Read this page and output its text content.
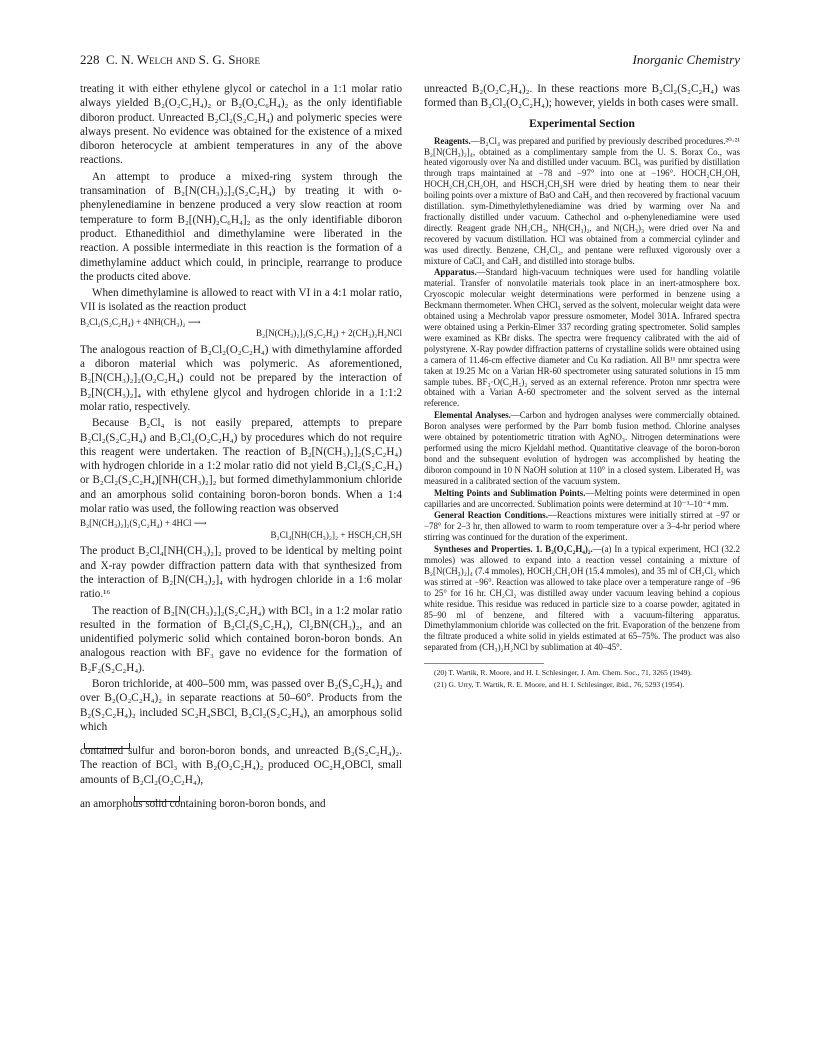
228 C. N. Welch and S. G. Shore	Inorganic Chemistry

treating it with either ethylene glycol or catechol in a 1:1 molar ratio always yielded B₂(O₂C₂H₄)₂ or B₂(O₂C₆H₄)₂ as the only identifiable diboron product. Unreacted B₂Cl₂(S₂C₂H₄) and polymeric species were always present. No evidence was obtained for the existence of a mixed diboron heterocycle at ambient temperatures in any of the above reactions.

An attempt to produce a mixed-ring system through the transamination of B₂[N(CH₃)₂]₂(S₂C₂H₄) by treating it with o-phenylenediamine in benzene produced a very slow reaction at room temperature to form B₂[(NH)₂C₆H₄]₂ as the only identifiable diboron product. Ethanedithiol and dimethylamine were liberated in the reaction. A possible intermediate in this reaction is the formation of a dimethylamine adduct which could, in principle, rearrange to produce the products cited above.

When dimethylamine is allowed to react with VI in a 4:1 molar ratio, VII is isolated as the reaction product

B₂Cl₂(S₂C₂H₄) + 4NH(CH₃)₂ ⟶
B₂[N(CH₃)₂]₂(S₂C₂H₄) + 2(CH₃)₂H₂NCl

The analogous reaction of B₂Cl₂(O₂C₂H₄) with dimethylamine afforded a diboron material which was polymeric. As aforementioned, B₂[N(CH₃)₂]₂(O₂C₂H₄) could not be prepared by the interaction of B₂[N(CH₃)₂]₄ with ethylene glycol and hydrogen chloride in a 1:1:2 molar ratio, respectively.

Because B₂Cl₄ is not easily prepared, attempts to prepare B₂Cl₂(S₂C₂H₄) and B₂Cl₂(O₂C₂H₄) by procedures which do not require this reagent were undertaken. The reaction of B₂[N(CH₃)₂]₂(S₂C₂H₄) with hydrogen chloride in a 1:2 molar ratio did not yield B₂Cl₂(S₂C₂H₄) or B₂Cl₂(S₂C₂H₄)[NH(CH₃)₂]₂ but formed dimethylammonium chloride and an amorphous solid containing boron-boron bonds. When a 1:4 molar ratio was used, the following reaction was observed

B₂[N(CH₃)₂]₂(S₂C₂H₄) + 4HCl ⟶
B₂Cl₄[NH(CH₃)₂]₂ + HSCH₂CH₂SH

The product B₂Cl₄[NH(CH₃)₂]₂ proved to be identical by melting point and X-ray powder diffraction pattern data with that synthesized from the interaction of B₂[N(CH₃)₂]₄ with hydrogen chloride in a 1:6 molar ratio.¹⁶

The reaction of B₂[N(CH₃)₂]₂(S₂C₂H₄) with BCl₃ in a 1:2 molar ratio resulted in the formation of B₂Cl₂(S₂C₂H₄), Cl₂BN(CH₃)₂, and an unidentified polymeric solid which contained boron-boron bonds. An analogous reaction with BF₃ gave no evidence for the formation of B₂F₂(S₂C₂H₄).

Boron trichloride, at 400–500 mm, was passed over B₂(S₂C₂H₄)₂ and over B₂(O₂C₂H₄)₂ in separate reactions at 50–60°. Products from the B₂(S₂C₂H₄)₂ included SC₂H₄SBCl, B₂Cl₂(S₂C₂H₄), an amorphous solid which

contained sulfur and boron-boron bonds, and unreacted B₂(S₂C₂H₄)₂. The reaction of BCl₃ with B₂(O₂C₂H₄)₂ produced OC₂H₄OBCl, small amounts of B₂Cl₂(O₂C₂H₄),

an amorphous solid containing boron-boron bonds, and

unreacted B₂(O₂C₂H₄)₂. In these reactions more B₂Cl₂(S₂C₂H₄) was formed than B₂Cl₂(O₂C₂H₄); however, yields in both cases were small.

Experimental Section

Reagents.—B₂Cl₄ was prepared and purified by previously described procedures.²⁰·²¹ B₂[N(CH₃)₂]₄, obtained as a complimentary sample from the U. S. Borax Co., was heated vigorously over Na and distilled under vacuum. BCl₃ was purified by distillation through traps maintained at −78 and −97° into one at −196°. HOCH₂CH₂OH, HOCH₂CH₂CH₂OH, and HSCH₂CH₂SH were dried by heating them to near their boiling points over a mixture of BaO and CaH₂ and then recovered by fractional vacuum distillation. sym-Dimethylethylenediamine was dried by warming over Na and fractionally distilled under vacuum. Cathechol and o-phenylenediamine were used directly. Reagent grade NH₂CH₃, NH(CH₃)₂, and N(CH₃)₃ were dried over Na and recovered by vacuum distillation. HCl was obtained from a commercial cylinder and was used directly. Benzene, CH₂Cl₂, and pentane were refluxed vigorously over a mixture of CaCl₂ and CaH₂ and distilled into storage bulbs.

Apparatus.—Standard high-vacuum techniques were used for handling volatile material. Transfer of nonvolatile materials took place in an inert-atmosphere box. Cryoscopic molecular weight determinations were performed in benzene using a Beckmann thermometer. When CHCl₃ served as the solvent, molecular weight data were obtained using a Mechrolab vapor pressure osmometer, Model 301A. Infrared spectra were obtained using a Perkin-Elmer 337 recording grating spectrometer. Solid samples were examined as KBr disks. The spectra were frequency calibrated with the aid of polystyrene. X-Ray powder diffraction patterns of crystalline solids were obtained using a camera of 11.46-cm effective diameter and Cu Kα radiation. All B¹¹ nmr spectra were taken at 19.25 Mc on a Varian HR-60 spectrometer using saturated solutions in 15 mm sample tubes. BF₃·O(C₂H₅)₂ served as an external reference. Proton nmr spectra were obtained with a Varian A-60 spectrometer and the solvent served as the internal reference.

Elemental Analyses.—Carbon and hydrogen analyses were commercially obtained. Boron analyses were performed by the Parr bomb fusion method. Chlorine analyses were obtained by potentiometric titration with AgNO₃. Nitrogen determinations were performed using the micro Kjeldahl method. Quantitative cleavage of the boron-boron bond and the subsequent evolution of hydrogen was accomplished by heating the diboron compound in 10 N NaOH solution at 110° in a closed system. Liberated H₂ was measured in a calibrated section of the vacuum system.

Melting Points and Sublimation Points.—Melting points were determined in open capillaries and are uncorrected. Sublimation points were determind at 10⁻³–10⁻⁴ mm.

General Reaction Conditions.—Reactions mixtures were initially stirred at −97 or −78° for 2–3 hr, then allowed to warm to room temperature over a 3–4-hr period where stirring was continued for the duration of the experiment.

Syntheses and Properties. 1. B₂(O₂C₂H₄)₂.—(a) In a typical experiment, HCl (32.2 mmoles) was allowed to expand into a reaction vessel containing a mixture of B₂[N(CH₃)₂]₄ (7.4 mmoles), HOCH₂CH₂OH (15.4 mmoles), and 35 ml of CH₂Cl₂ which was stirred at −96°. Reaction was allowed to take place over a temperature range of −96 to 25° for 16 hr. CH₂Cl₂ was distilled away under vacuum leaving behind a copious white residue. This residue was reduced in particle size to a coarse powder, agitated in 85–90 ml of benzene, and filtered with a vacuum-filtering apparatus. Dimethylammonium chloride was collected on the frit. Evaporation of the benzene from the filtrate produced a white solid in yields estimated at 65–75%. The product was also separated from (CH₃)₂H₂NCl by sublimation at 40–45°.

(20) T. Wartik, R. Moore, and H. I. Schlesinger, J. Am. Chem. Soc., 71, 3265 (1949).

(21) G. Urry, T. Wartik, R. E. Moore, and H. I. Schlesinger, ibid., 76, 5293 (1954).
